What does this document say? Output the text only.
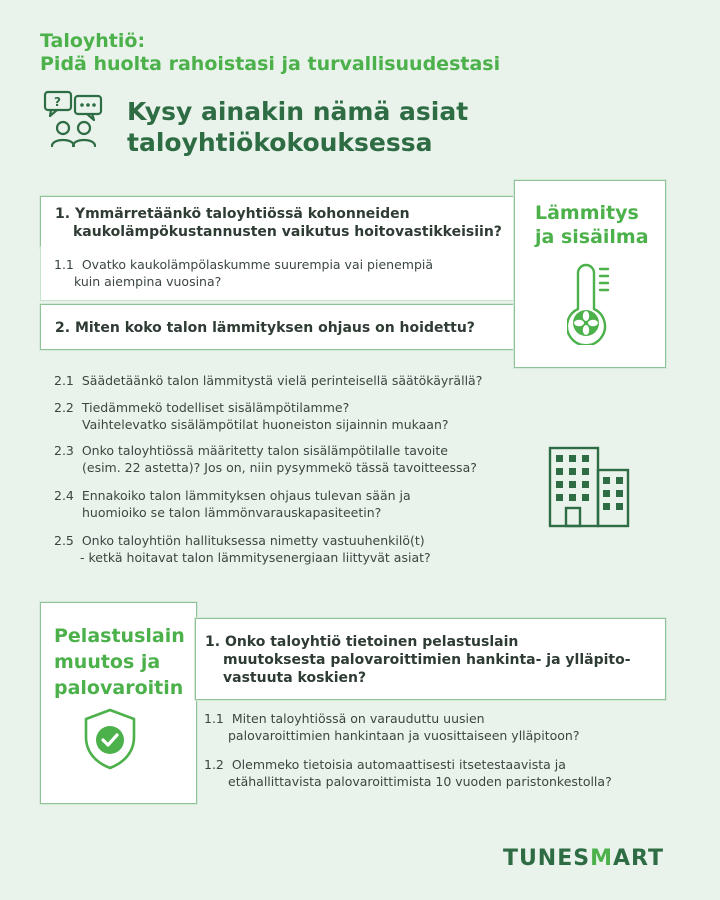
Taloyhtiö:
Pidä huolta rahoistasi ja turvallisuudestasi
?	Kysy ainakin nämä asiat
taloyhtiökokouksessa
1. Ymmärretäänkö taloyhtiössä kohonneiden
kaukolämpökustannusten vaikutus hoitovastikkeisiin?
1.1 Ovatko kaukolämpölaskumme suurempia vai pienempiä
kuin aiempina vuosina?
2. Miten koko talon lämmityksen ohjaus on hoidettu?
Lämmitys
ja sisäilma
2.1 Säädetäänkö talon lämmitystä vielä perinteisellä säätökäyrällä?
2.2 Tiedämmekö todelliset sisälämpötilamme?
Vaihtelevatko sisälämpötilat huoneiston sijainnin mukaan?
2.3 Onko taloyhtiössä määritetty talon sisälämpötilalle tavoite
(esim. 22 astetta)? Jos on, niin pysymmekö tässä tavoitteessa?
2.4 Ennakoiko talon lämmityksen ohjaus tulevan sään ja
huomioiko se talon lämmönvarauskapasiteetin?
2.5 Onko taloyhtiön hallituksessa nimetty vastuuhenkilö(t)
- ketkä hoitavat talon lämmitysenergiaan liittyvät asiat?
Pelastuslain
muutos ja
palovaroitin
1. Onko taloyhtiö tietoinen pelastuslain
muutoksesta palovaroittimien hankinta- ja ylläpito-
vastuuta koskien?
1.1 Miten taloyhtiössä on varauduttu uusien
palovaroittimien hankintaan ja vuosittaiseen ylläpitoon?
1.2 Olemmeko tietoisia automaattisesti itsetestaavista ja
etähallittavista palovaroittimista 10 vuoden paristonkestolla?
TUNESMART
